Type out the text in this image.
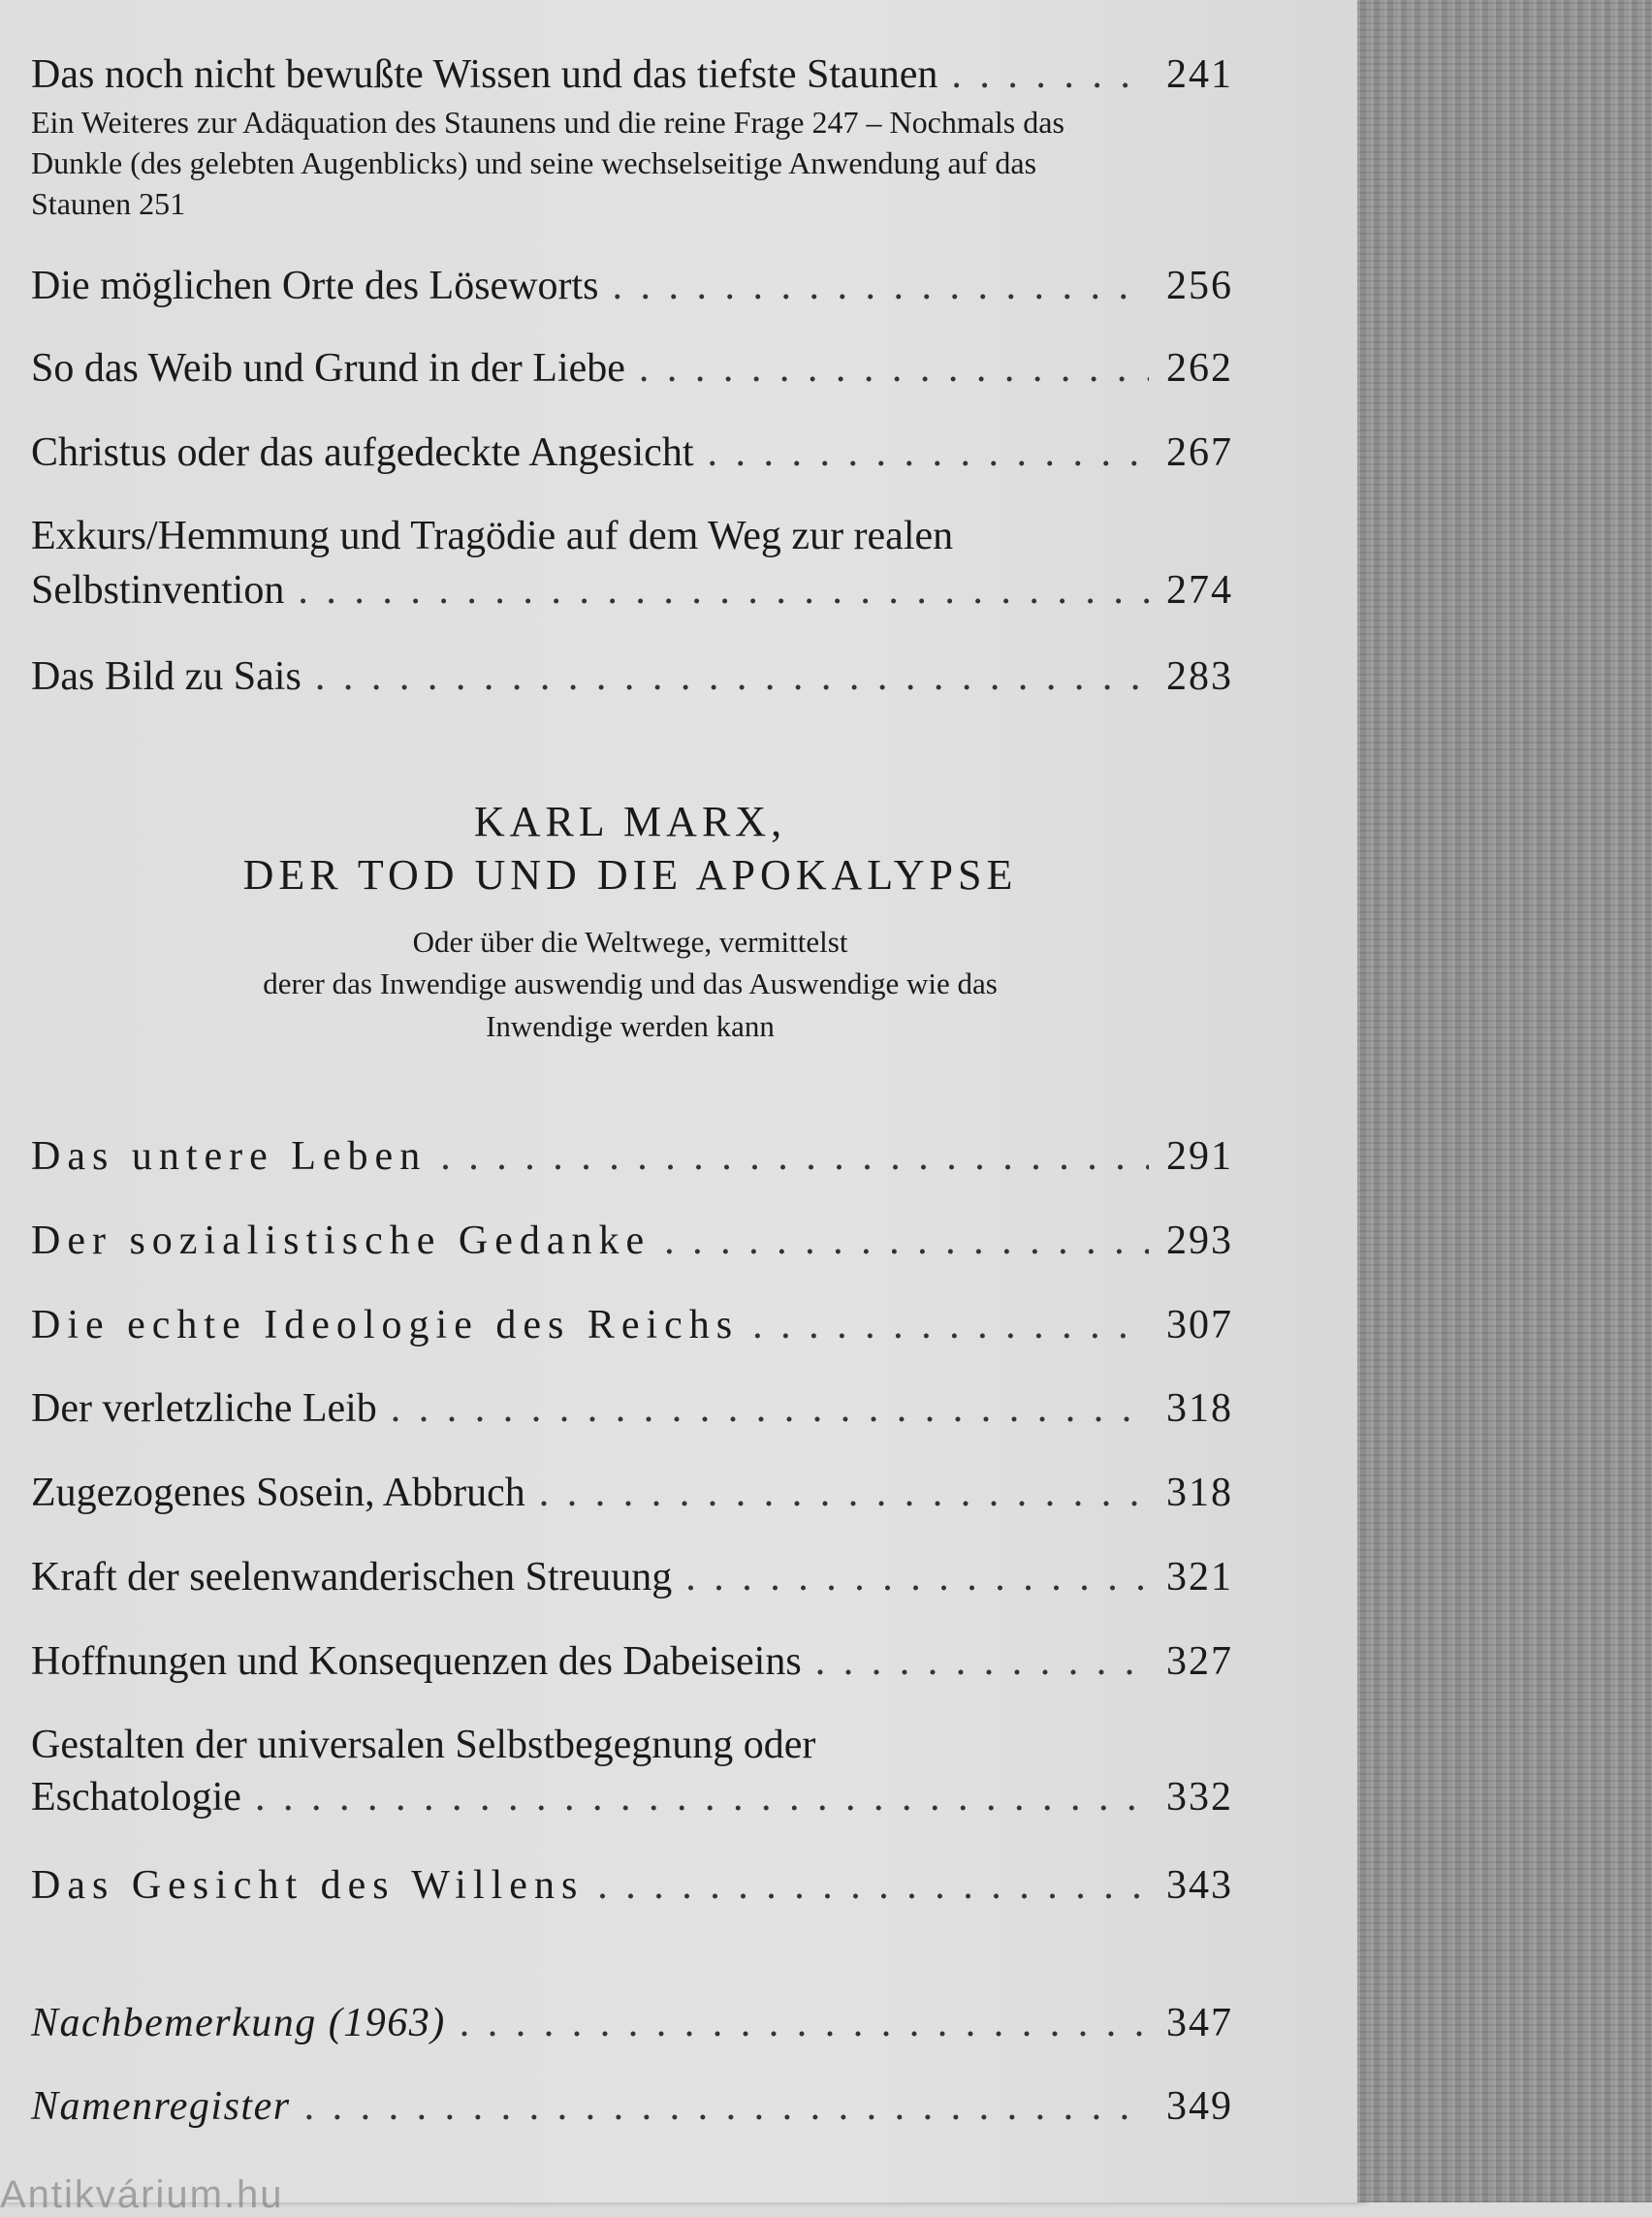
Das noch nicht bewußte Wissen und das tiefste Staunen . . .	241
Ein Weiteres zur Adäquation des Staunens und die reine Frage 247 – Nochmals das Dunkle (des gelebten Augenblicks) und seine wechselseitige Anwendung auf das Staunen 251
Die möglichen Orte des Löseworts . . .	256
So das Weib und Grund in der Liebe . . .	262
Christus oder das aufgedeckte Angesicht . . .	267
Exkurs/Hemmung und Tragödie auf dem Weg zur realen
Selbstinvention . . .	274
Das Bild zu Sais . . .	283
KARL MARX,
DER TOD UND DIE APOKALYPSE
Oder über die Weltwege, vermittelst
derer das Inwendige auswendig und das Auswendige wie das
Inwendige werden kann
Das untere Leben . . .	291
Der sozialistische Gedanke . . .	293
Die echte Ideologie des Reichs . . .	307
Der verletzliche Leib . . .	318
Zugezogenes Sosein, Abbruch . . .	318
Kraft der seelenwanderischen Streuung . . .	321
Hoffnungen und Konsequenzen des Dabeiseins . . .	327
Gestalten der universalen Selbstbegegnung oder
Eschatologie . . .	332
Das Gesicht des Willens . . .	343
Nachbemerkung (1963) . . .	347
Namenregister . . .	349
Antikvárium.hu
